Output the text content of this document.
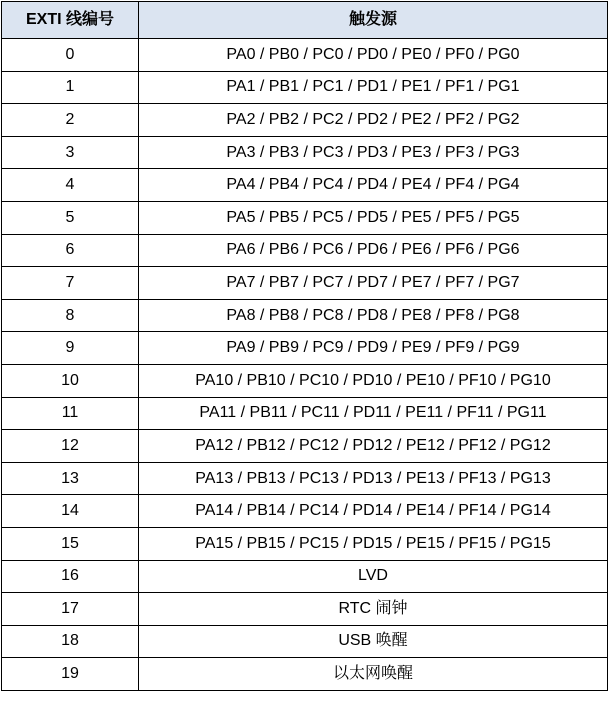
EXTI 线编号	触发源
0	PA0 / PB0 / PC0 / PD0 / PE0 / PF0 / PG0
1	PA1 / PB1 / PC1 / PD1 / PE1 / PF1 / PG1
2	PA2 / PB2 / PC2 / PD2 / PE2 / PF2 / PG2
3	PA3 / PB3 / PC3 / PD3 / PE3 / PF3 / PG3
4	PA4 / PB4 / PC4 / PD4 / PE4 / PF4 / PG4
5	PA5 / PB5 / PC5 / PD5 / PE5 / PF5 / PG5
6	PA6 / PB6 / PC6 / PD6 / PE6 / PF6 / PG6
7	PA7 / PB7 / PC7 / PD7 / PE7 / PF7 / PG7
8	PA8 / PB8 / PC8 / PD8 / PE8 / PF8 / PG8
9	PA9 / PB9 / PC9 / PD9 / PE9 / PF9 / PG9
10	PA10 / PB10 / PC10 / PD10 / PE10 / PF10 / PG10
11	PA11 / PB11 / PC11 / PD11 / PE11 / PF11 / PG11
12	PA12 / PB12 / PC12 / PD12 / PE12 / PF12 / PG12
13	PA13 / PB13 / PC13 / PD13 / PE13 / PF13 / PG13
14	PA14 / PB14 / PC14 / PD14 / PE14 / PF14 / PG14
15	PA15 / PB15 / PC15 / PD15 / PE15 / PF15 / PG15
16	LVD
17	RTC 闹钟
18	USB 唤醒
19	以太网唤醒
